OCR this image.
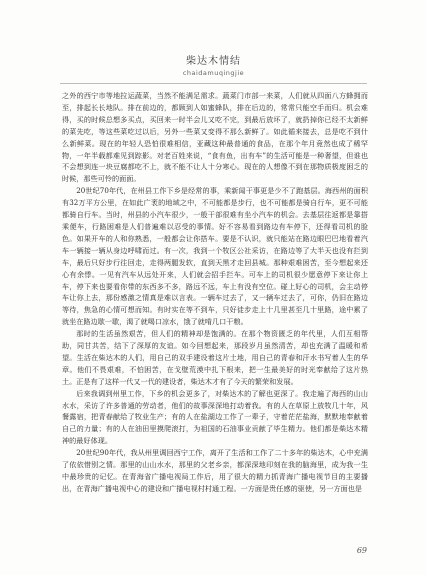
柴达木情结
chaidamuqingjie

之外的西宁市等地拉运蔬菜，当然不能满足需求。蔬菜门市部一来菜，人们就从四面八方蜂拥而至，排起长长地队。排在前边的，都顾到人如蜜蜂队，排在后边的，常常只能空手而归。机会难得，买的时候总想多买点，买回来一时半会儿又吃不完，到最后放坏了，就扔掉你已经不太新鲜的菜先吃，等这些菜吃过以后，另外一些菜又变得不那么新鲜了。如此循来接去，总是吃不到什么新鲜菜。现在的年轻人恐怕很难相信，亚藏这种最普通的食品，在那个年月竟然也成了稀罕物，一年半载都难见到踪影。对老百姓来说，“食有鱼，出有车”的生活可能是一种奢望，但谁也不会想到连一块豆腐都吃不上，就不能不让人十分寒心。现在的人想像不到在那物质极度困乏的时候，那些可怜的面面。

20世纪70年代，在州县工作下乡是经常的事，乘新闻干事更是少不了跑基层。海西州的面积有32万平方公里，在如此广袤的地域之中，不可能都是步行，也不可能都是骑自行车，更不可能都骑自行车。当时，州县的小汽车很少，一般干部很难有坐小汽车的机会。去基层往返都是靠搭乘便车，行路困难是人们普遍难以忍受的事情。好不容易看到路边有车停下，还得看司机的脸色。如果开车的人和你熟悉，一般都会让你搭车。要是不认识，就只能站在路边眼巴巴地看着汽车一辆接一辆从身边呼啸而过。有一次，我到一个牧区公社采访，在路边等了大半天也没有拦到车，最后只好步行往回走，走得两腿发软，直到天黑才走回县城。那种艰难困苦，至今想起来还心有余悸。一见有汽车从远处开来，人们就会招手拦车。可车上的司机很少愿意停下来让你上车，停下来也要看你带的东西多不多，路远不远，车上有没有空位。碰上好心的司机，会主动停车让你上去，那份感激之情真是难以言表。一辆车过去了，又一辆车过去了，可你，仍旧在路边等待，焦急的心情可想而知。有时实在等不到车，只好徒步走上十几里甚至几十里路，途中累了就坐在路边歇一歇，渴了就喝口凉水，饿了就啃几口干粮。

那时的生活虽然艰苦，但人们的精神却是饱满的。在那个物资匮乏的年代里，人们互相帮助，同甘共苦，结下了深厚的友谊。如今回想起来，那段岁月虽然清苦，却也充满了温暖和希望。生活在柴达木的人们，用自己的双手建设着这片土地，用自己的青春和汗水书写着人生的华章。他们不畏艰难，不怕困苦，在戈壁荒漠中扎下根来，把一生最美好的时光奉献给了这片热土。正是有了这样一代又一代的建设者，柴达木才有了今天的繁荣和发展。

后来我调到州里工作，下乡的机会更多了，对柴达木的了解也更深了。我走遍了海西的山山水水，采访了许多普通的劳动者，他们的故事深深地打动着我。有的人在草原上放牧几十年，风餐露宿，把青春献给了牧业生产；有的人在盐湖边工作了一辈子，守着茫茫盐海，默默地奉献着自己的力量；有的人在油田里摸爬滚打，为祖国的石油事业贡献了毕生精力。他们都是柴达木精神的最好体现。

20世纪90年代，我从州里调回西宁工作，离开了生活和工作了二十多年的柴达木，心中充满了依依惜别之情。那里的山山水水，那里的父老乡亲，都深深地印刻在我的脑海里，成为我一生中最珍贵的记忆。在青海省广播电视局工作后，用了很大的精力抓青海广播电视节目的主要播出，在青海广播电视中心的建设和广播电视村村通工程。一方面是贵任感的驱使，另一方面也是

69
